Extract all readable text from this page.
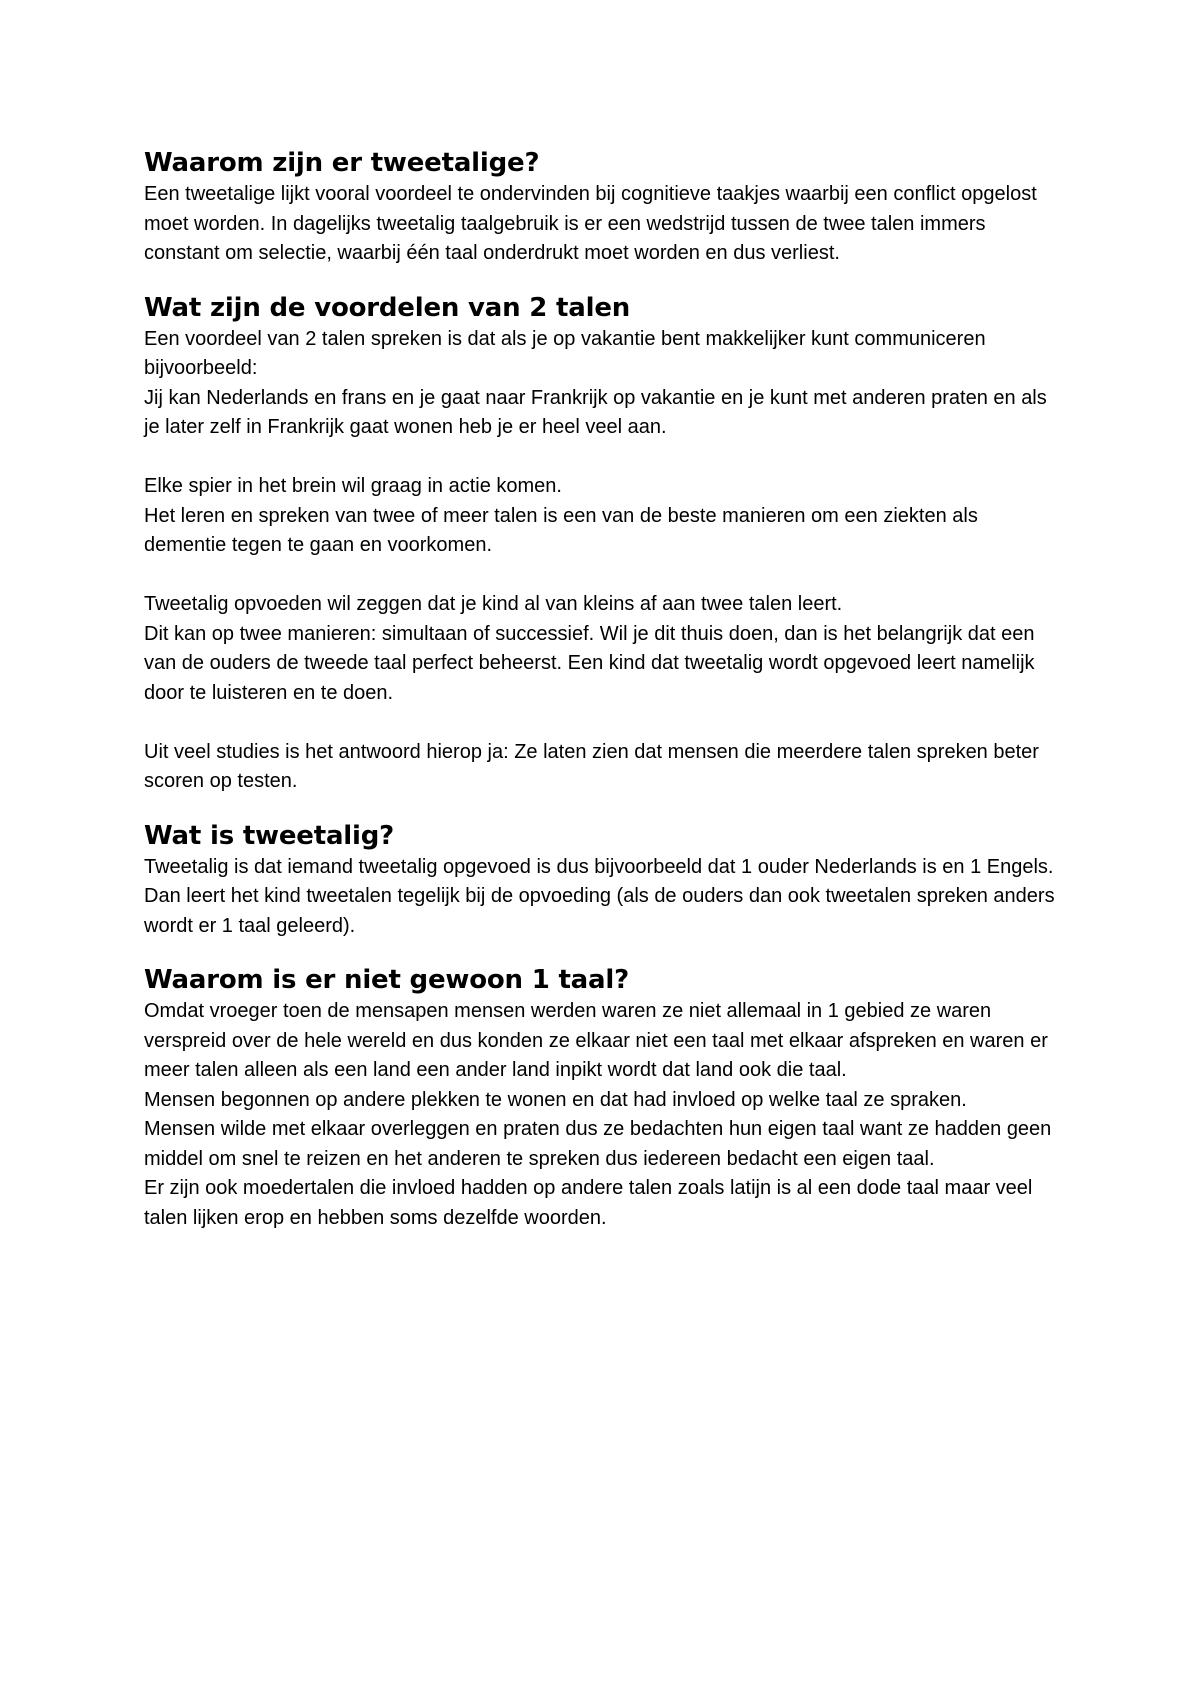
Waarom zijn er tweetalige?

Een tweetalige lijkt vooral voordeel te ondervinden bij cognitieve taakjes waarbij een conflict opgelost moet worden. In dagelijks tweetalig taalgebruik is er een wedstrijd tussen de twee talen immers constant om selectie, waarbij één taal onderdrukt moet worden en dus verliest.

Wat zijn de voordelen van 2 talen

Een voordeel van 2 talen spreken is dat als je op vakantie bent makkelijker kunt communiceren bijvoorbeeld:

Jij kan Nederlands en frans en je gaat naar Frankrijk op vakantie en je kunt met anderen praten en als je later zelf in Frankrijk gaat wonen heb je er heel veel aan.

Elke spier in het brein wil graag in actie komen.

Het leren en spreken van twee of meer talen is een van de beste manieren om een ziekten als dementie tegen te gaan en voorkomen.

Tweetalig opvoeden wil zeggen dat je kind al van kleins af aan twee talen leert.

Dit kan op twee manieren: simultaan of successief. Wil je dit thuis doen, dan is het belangrijk dat een van de ouders de tweede taal perfect beheerst. Een kind dat tweetalig wordt opgevoed leert namelijk door te luisteren en te doen.

Uit veel studies is het antwoord hierop ja: Ze laten zien dat mensen die meerdere talen spreken beter scoren op testen.

Wat is tweetalig?

Tweetalig is dat iemand tweetalig opgevoed is dus bijvoorbeeld dat 1 ouder Nederlands is en 1 Engels. Dan leert het kind tweetalen tegelijk bij de opvoeding (als de ouders dan ook tweetalen spreken anders wordt er 1 taal geleerd).

Waarom is er niet gewoon 1 taal?

Omdat vroeger toen de mensapen mensen werden waren ze niet allemaal in 1 gebied ze waren verspreid over de hele wereld en dus konden ze elkaar niet een taal met elkaar afspreken en waren er meer talen alleen als een land een ander land inpikt wordt dat land ook die taal.

Mensen begonnen op andere plekken te wonen en dat had invloed op welke taal ze spraken.

Mensen wilde met elkaar overleggen en praten dus ze bedachten hun eigen taal want ze hadden geen middel om snel te reizen en het anderen te spreken dus iedereen bedacht een eigen taal.

Er zijn ook moedertalen die invloed hadden op andere talen zoals latijn is al een dode taal maar veel talen lijken erop en hebben soms dezelfde woorden.
